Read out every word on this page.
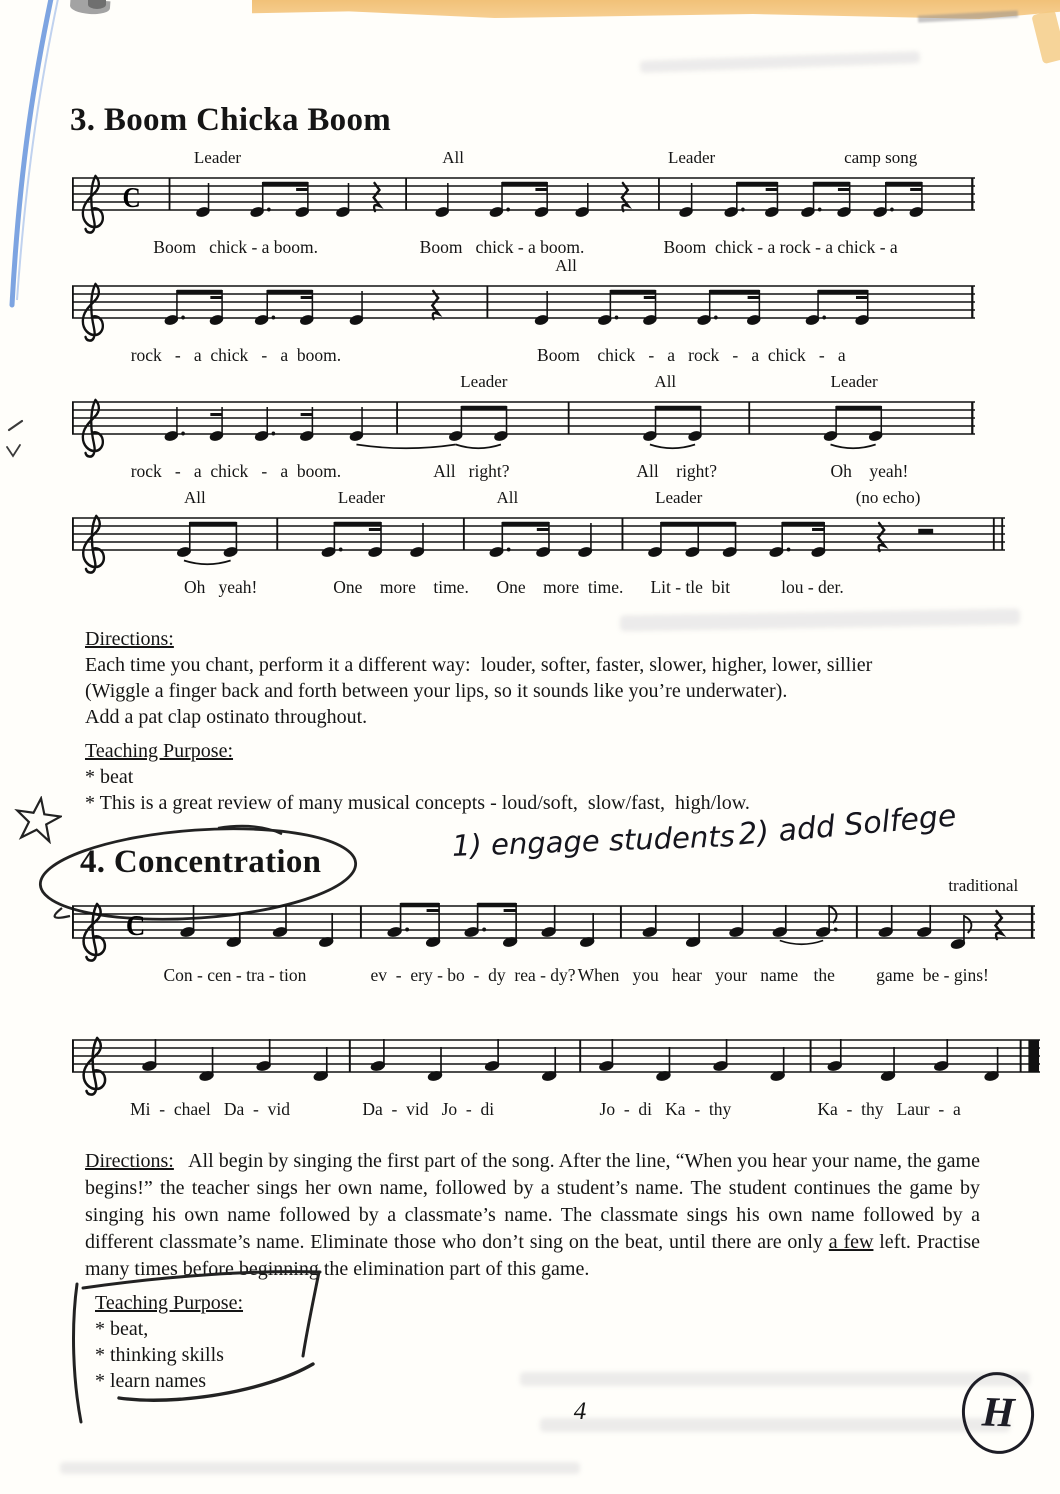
3. Boom Chicka Boom
Leader	All	Leader	camp song
C
Boom   chick - a boom.	Boom   chick - a boom.	Boom  chick - a rock - a chick - a
All
rock   -   a  chick   -   a  boom.	Boom    chick   -   a   rock   -   a  chick   -   a
Leader	All	Leader
rock   -   a  chick   -   a  boom.	All   right?	All    right?	Oh    yeah!
All	Leader	All	Leader	(no echo)
Oh   yeah!	One    more    time. One    more  time. Lit - tle  bit	lou - der.
Directions:
Each time you chant, perform it a different way:  louder, softer, faster, slower, higher, lower, sillier
(Wiggle a finger back and forth between your lips, so it sounds like you’re underwater).
Add a pat clap ostinato throughout.
Teaching Purpose:
* beat
* This is a great review of many musical concepts - loud/soft,  slow/fast,  high/low.
4. Concentration	1) engage students 2) add Solfege
traditional
C
Con - cen - tra - tion	ev  -  ery - bo  -  dy  rea - dy? When   you   hear   your   name the game  be - gins!
Mi  -  chael   Da  -  vid	Da  -  vid   Jo  -  di	Jo  -  di   Ka  -  thy	Ka  -  thy   Laur  -  a
Directions: All begin by singing the first part of the song. After the line, “When you hear your name, the game begins!” the teacher sings her own name, followed by a student’s name. The student continues the game by singing his own name followed by a classmate’s name. The classmate sings his own name followed by a different classmate’s name. Eliminate those who don’t sing on the beat, until there are only a few left. Practise many times before beginning the elimination part of this game.
Teaching Purpose:
* beat,
* thinking skills
* learn names
4	H
